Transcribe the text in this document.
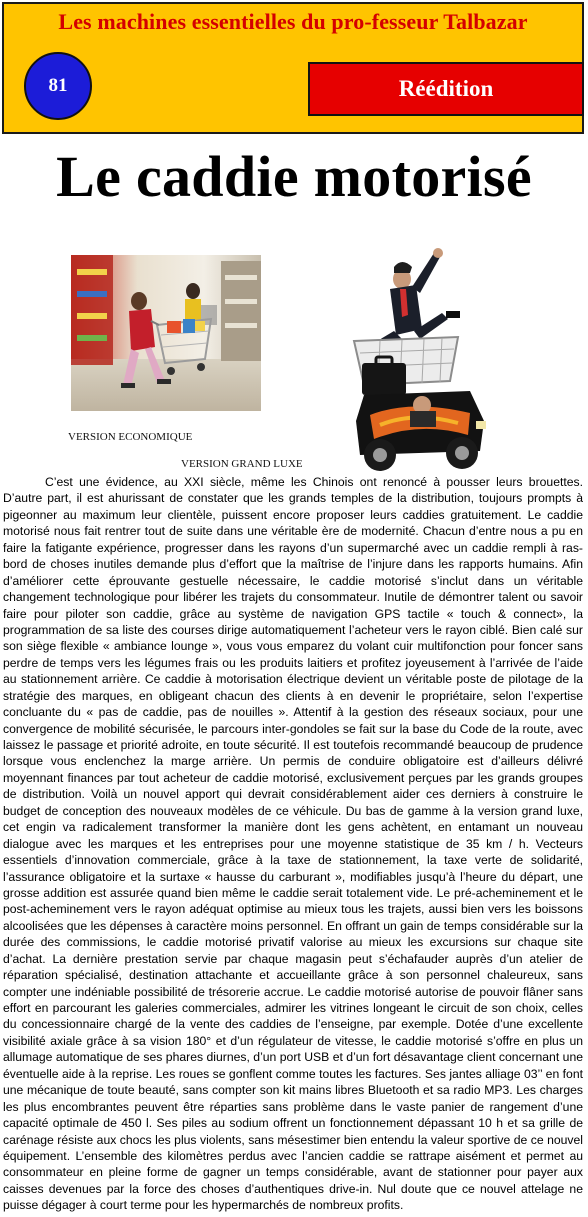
Les machines essentielles du pro-fesseur Talbazar
81	Réédition
Le caddie motorisé
VERSION ECONOMIQUE
VERSION GRAND LUXE

C’est une évidence, au XXI siècle, même les Chinois ont renoncé à pousser leurs brouettes. D’autre part, il est ahurissant de constater que les grands temples de la distribution, toujours prompts à pigeonner au maximum leur clientèle, puissent encore proposer leurs caddies gratuitement. Le caddie motorisé nous fait rentrer tout de suite dans une véritable ère de modernité. Chacun d’entre nous a pu en faire la fatigante expérience, progresser dans les rayons d’un supermarché avec un caddie rempli à ras-bord de choses inutiles demande plus d’effort que la maîtrise de l’injure dans les rapports humains. Afin d’améliorer cette éprouvante gestuelle nécessaire, le caddie motorisé s’inclut dans un véritable changement technologique pour libérer les trajets du consommateur. Inutile de démontrer talent ou savoir faire pour piloter son caddie, grâce au système de navigation GPS tactile « touch & connect», la programmation de sa liste des courses dirige automatiquement l’acheteur vers le rayon ciblé. Bien calé sur son siège flexible « ambiance lounge », vous vous emparez du volant cuir multifonction pour foncer sans perdre de temps vers les légumes frais ou les produits laitiers et profitez joyeusement à l’arrivée de l’aide au stationnement arrière. Ce caddie à motorisation électrique devient un véritable poste de pilotage de la stratégie des marques, en obligeant chacun des clients à en devenir le propriétaire, selon l’expertise concluante du « pas de caddie, pas de nouilles ». Attentif à la gestion des réseaux sociaux, pour une convergence de mobilité sécurisée, le parcours inter-gondoles se fait sur la base du Code de la route, avec laissez le passage et priorité adroite, en toute sécurité. Il est toutefois recommandé beaucoup de prudence lorsque vous enclenchez la marge arrière. Un permis de conduire obligatoire est d’ailleurs délivré moyennant finances par tout acheteur de caddie motorisé, exclusivement perçues par les grands groupes de distribution. Voilà un nouvel apport qui devrait considérablement aider ces derniers à construire le budget de conception des nouveaux modèles de ce véhicule. Du bas de gamme à la version grand luxe, cet engin va radicalement transformer la manière dont les gens achètent, en entamant un nouveau dialogue avec les marques et les entreprises pour une moyenne statistique de 35 km / h. Vecteurs essentiels d’innovation commerciale, grâce à la taxe de stationnement, la taxe verte de solidarité, l’assurance obligatoire et la surtaxe « hausse du carburant », modifiables jusqu’à l’heure du départ, une grosse addition est assurée quand bien même le caddie serait totalement vide. Le pré-acheminement et le post-acheminement vers le rayon adéquat optimise au mieux tous les trajets, aussi bien vers les boissons alcoolisées que les dépenses à caractère moins personnel. En offrant un gain de temps considérable sur la durée des commissions, le caddie motorisé privatif valorise au mieux les excursions sur chaque site d’achat. La dernière prestation servie par chaque magasin peut s’échafauder auprès d’un atelier de réparation spécialisé, destination attachante et accueillante grâce à son personnel chaleureux, sans compter une indéniable possibilité de trésorerie accrue. Le caddie motorisé autorise de pouvoir flâner sans effort en parcourant les galeries commerciales, admirer les vitrines longeant le circuit de son choix, celles du concessionnaire chargé de la vente des caddies de l’enseigne, par exemple. Dotée d’une excellente visibilité axiale grâce à sa vision 180° et d’un régulateur de vitesse, le caddie motorisé s’offre en plus un allumage automatique de ses phares diurnes, d’un port USB et d’un fort désavantage client concernant une éventuelle aide à la reprise. Les roues se gonflent comme toutes les factures. Ses jantes alliage 03’’ en font une mécanique de toute beauté, sans compter son kit mains libres Bluetooth et sa radio MP3. Les charges les plus encombrantes peuvent être réparties sans problème dans le vaste panier de rangement d’une capacité optimale de 450 l. Ses piles au sodium offrent un fonctionnement dépassant 10 h et sa grille de carénage résiste aux chocs les plus violents, sans mésestimer bien entendu la valeur sportive de ce nouvel équipement. L’ensemble des kilomètres perdus avec l’ancien caddie se rattrape aisément et permet au consommateur en pleine forme de gagner un temps considérable, avant de stationner pour payer aux caisses devenues par la force des choses d’authentiques drive-in. Nul doute que ce nouvel attelage ne puisse dégager à court terme pour les hypermarchés de nombreux profits.
